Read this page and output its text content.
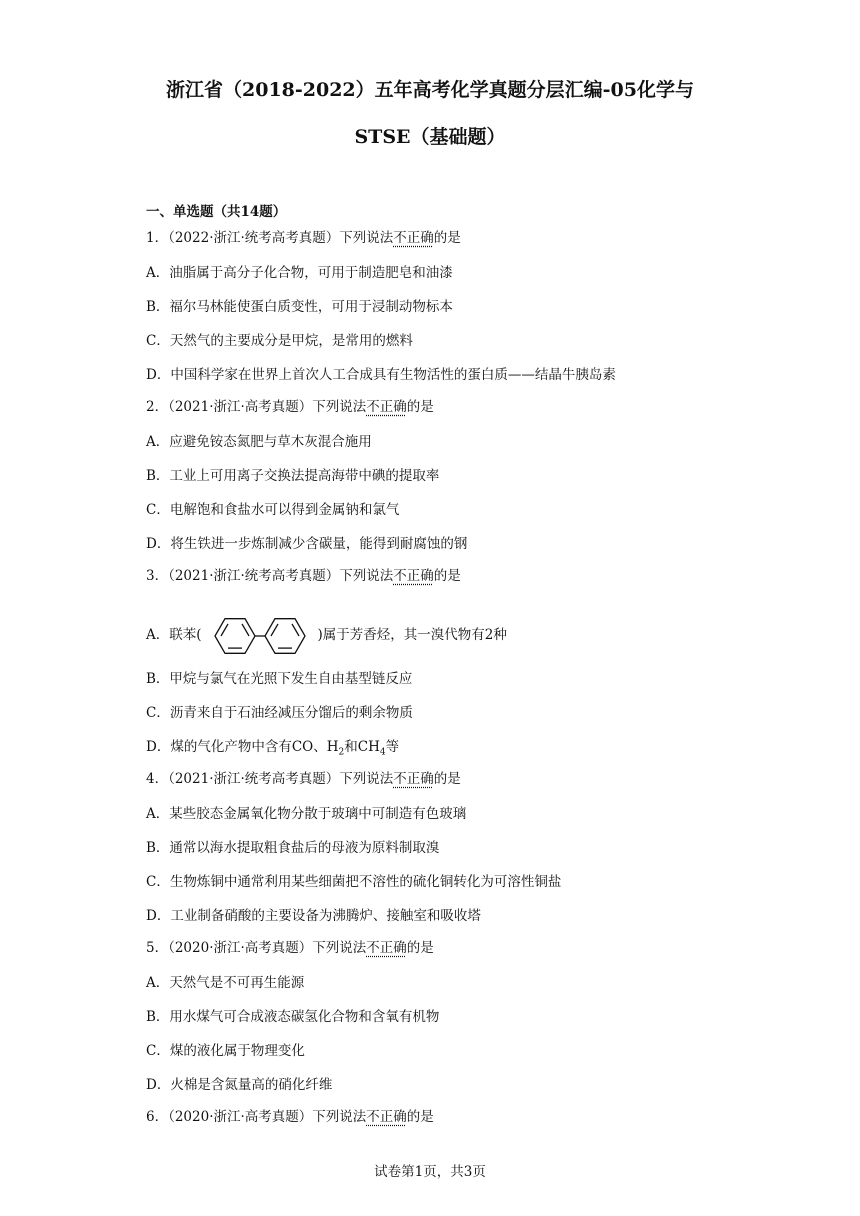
浙江省（2018-2022）五年高考化学真题分层汇编-05化学与
STSE（基础题）
一、单选题（共14题）
1．（2022·浙江·统考高考真题）下列说法不正确的是
A．油脂属于高分子化合物，可用于制造肥皂和油漆
B．福尔马林能使蛋白质变性，可用于浸制动物标本
C．天然气的主要成分是甲烷，是常用的燃料
D．中国科学家在世界上首次人工合成具有生物活性的蛋白质——结晶牛胰岛素
2．（2021·浙江·高考真题）下列说法不正确的是
A．应避免铵态氮肥与草木灰混合施用
B．工业上可用离子交换法提高海带中碘的提取率
C．电解饱和食盐水可以得到金属钠和氯气
D．将生铁进一步炼制减少含碳量，能得到耐腐蚀的钢
3．（2021·浙江·统考高考真题）下列说法不正确的是
A．联苯(	)属于芳香烃，其一溴代物有2种
B．甲烷与氯气在光照下发生自由基型链反应
C．沥青来自于石油经减压分馏后的剩余物质
D．煤的气化产物中含有CO、$H_2$和$CH_4$等
4．（2021·浙江·统考高考真题）下列说法不正确的是
A．某些胶态金属氧化物分散于玻璃中可制造有色玻璃
B．通常以海水提取粗食盐后的母液为原料制取溴
C．生物炼铜中通常利用某些细菌把不溶性的硫化铜转化为可溶性铜盐
D．工业制备硝酸的主要设备为沸腾炉、接触室和吸收塔
5．（2020·浙江·高考真题）下列说法不正确的是
A．天然气是不可再生能源
B．用水煤气可合成液态碳氢化合物和含氧有机物
C．煤的液化属于物理变化
D．火棉是含氮量高的硝化纤维
6．（2020·浙江·高考真题）下列说法不正确的是
试卷第1页，共3页
